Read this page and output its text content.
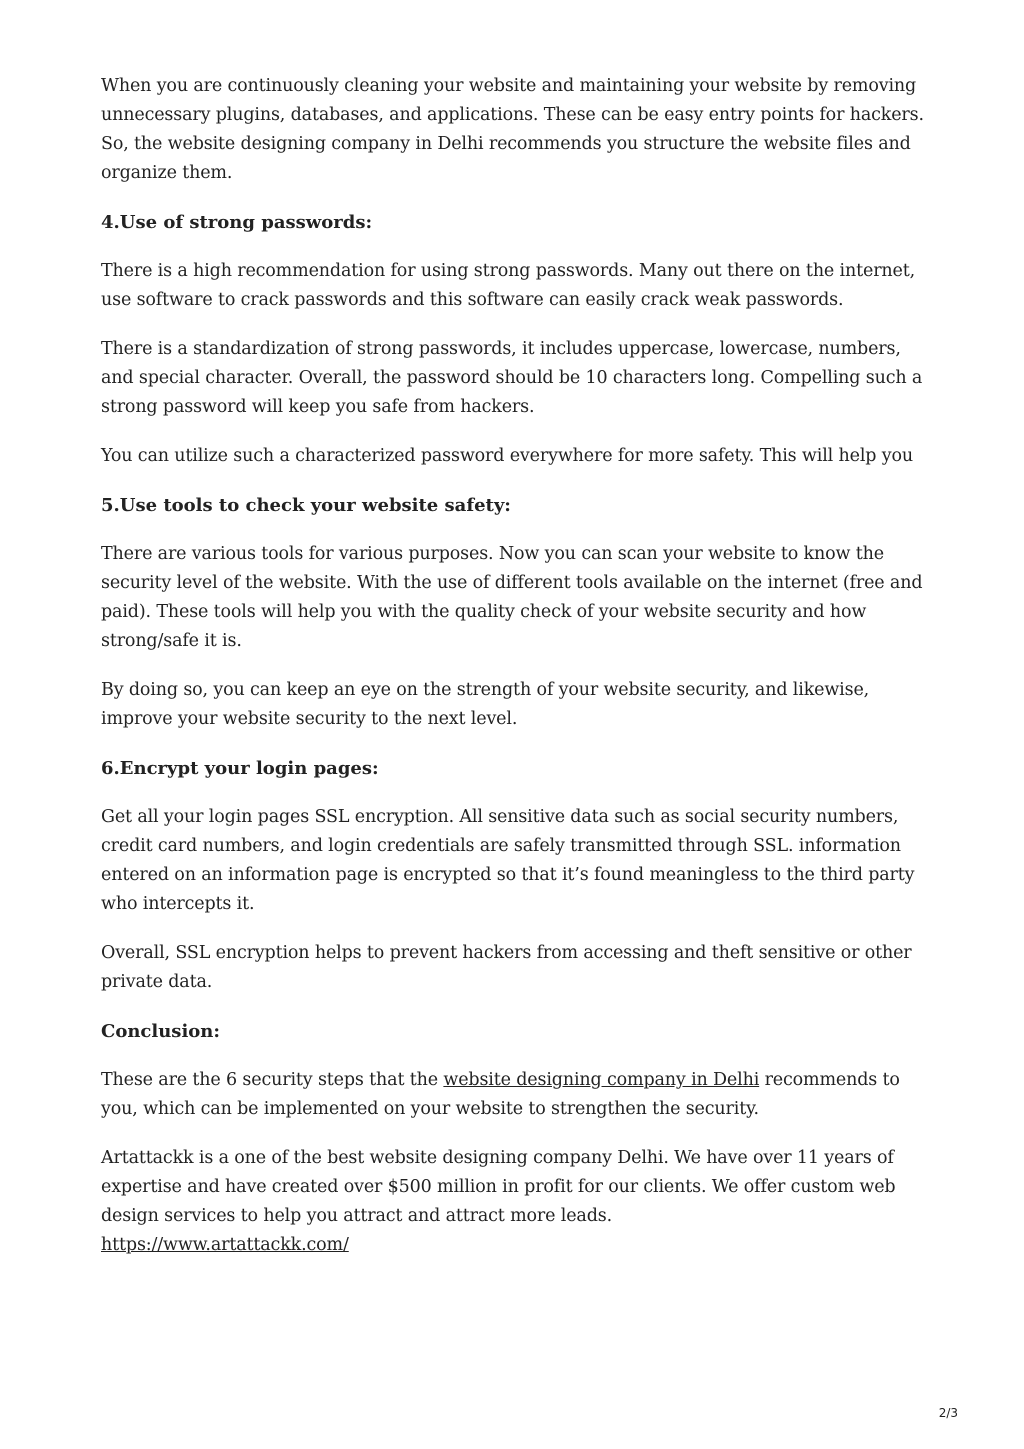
When you are continuously cleaning your website and maintaining your website by removing unnecessary plugins, databases, and applications. These can be easy entry points for hackers. So, the website designing company in Delhi recommends you structure the website files and organize them.

4.Use of strong passwords:

There is a high recommendation for using strong passwords. Many out there on the internet, use software to crack passwords and this software can easily crack weak passwords.

There is a standardization of strong passwords, it includes uppercase, lowercase, numbers, and special character. Overall, the password should be 10 characters long. Compelling such a strong password will keep you safe from hackers.

You can utilize such a characterized password everywhere for more safety. This will help you

5.Use tools to check your website safety:

There are various tools for various purposes. Now you can scan your website to know the security level of the website. With the use of different tools available on the internet (free and paid). These tools will help you with the quality check of your website security and how strong/safe it is.

By doing so, you can keep an eye on the strength of your website security, and likewise, improve your website security to the next level.

6.Encrypt your login pages:

Get all your login pages SSL encryption. All sensitive data such as social security numbers, credit card numbers, and login credentials are safely transmitted through SSL. information entered on an information page is encrypted so that it’s found meaningless to the third party who intercepts it.

Overall, SSL encryption helps to prevent hackers from accessing and theft sensitive or other private data.

Conclusion:

These are the 6 security steps that the website designing company in Delhi recommends to you, which can be implemented on your website to strengthen the security.

Artattackk is a one of the best website designing company Delhi. We have over 11 years of expertise and have created over $500 million in profit for our clients. We offer custom web design services to help you attract and attract more leads.
https://www.artattackk.com/

2/3
